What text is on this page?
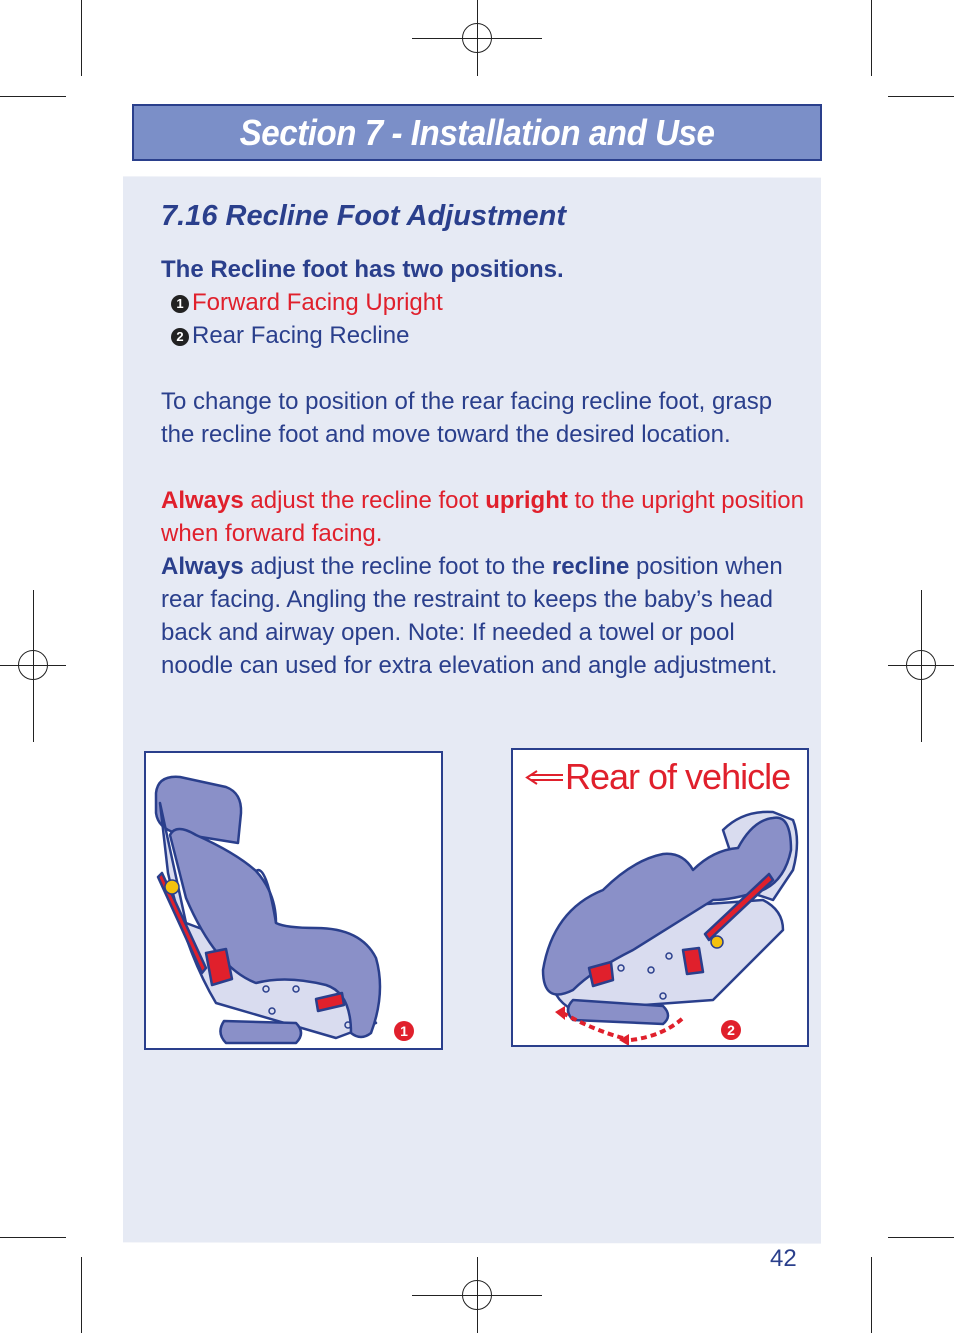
Section 7 - Installation and Use
7.16 Recline Foot Adjustment
The Recline foot has two positions.
1 Forward Facing Upright
2 Rear Facing Recline
To change to position of the rear facing recline foot, grasp the recline foot and move toward the desired location.
Always adjust the recline foot upright to the upright position when forward facing.
Always adjust the recline foot to the recline position when rear facing. Angling the restraint to keeps the baby’s head back and airway open. Note: If needed a towel or pool noodle can used for extra elevation and angle adjustment.
1
Rear of vehicle
2
42
